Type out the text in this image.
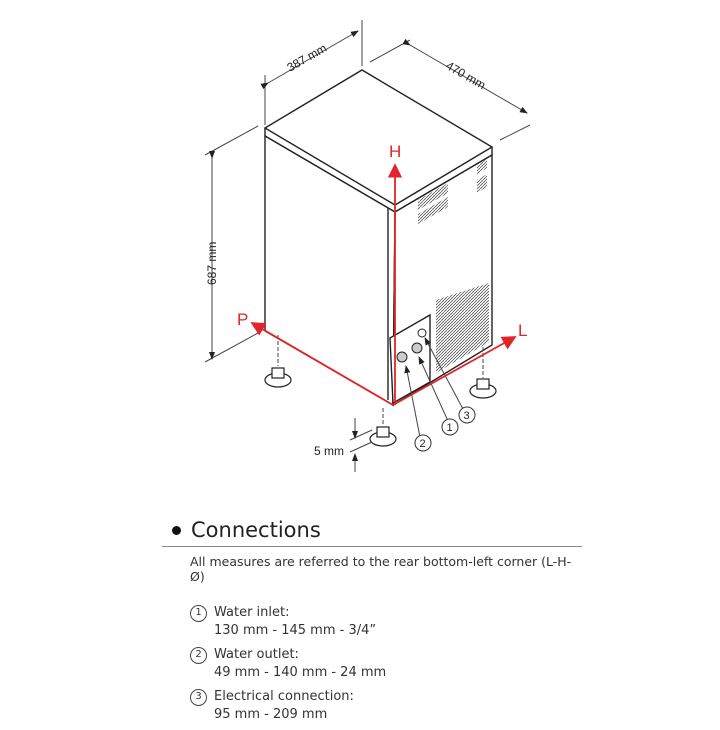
387 mm
470 mm
687 mm
5 mm
H
P
L
2
1
3
Connections
All measures are referred to the rear bottom-left corner (L-H-Ø)
1 Water inlet:
130 mm - 145 mm - 3/4”
2 Water outlet:
49 mm - 140 mm - 24 mm
3 Electrical connection:
95 mm - 209 mm
